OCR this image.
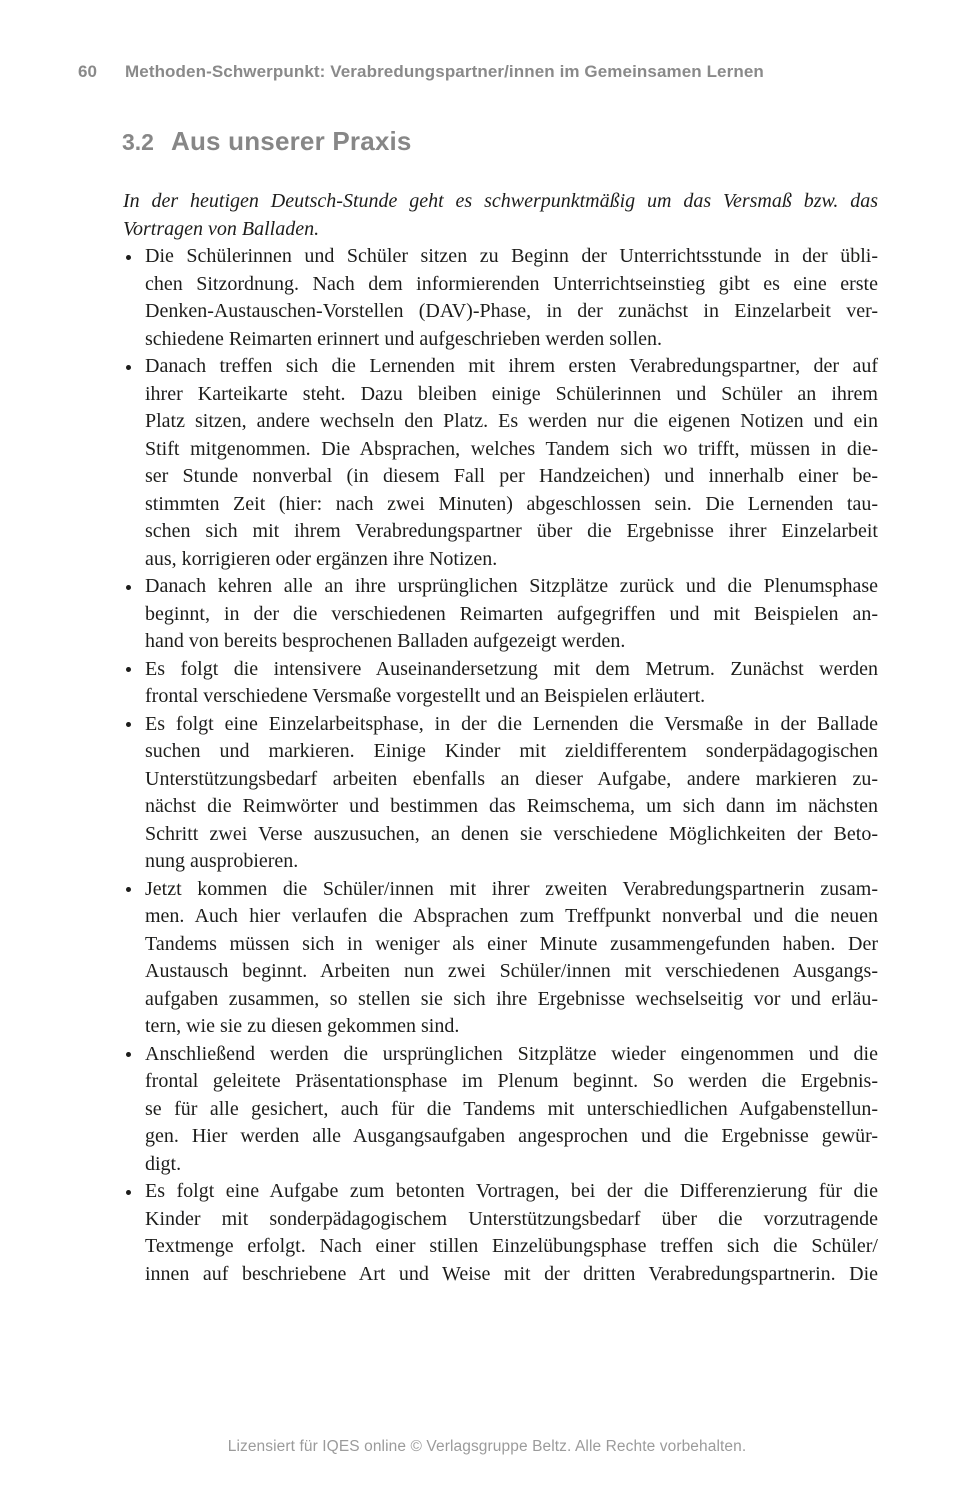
60	Methoden-Schwerpunkt: Verabredungspartner/innen im Gemeinsamen Lernen
3.2 Aus unserer Praxis

In der heutigen Deutsch-Stunde geht es schwerpunktmäßig um das Versmaß bzw. das
Vortragen von Balladen.

Die Schülerinnen und Schüler sitzen zu Beginn der Unterrichtsstunde in der übli-
chen Sitzordnung. Nach dem informierenden Unterrichtseinstieg gibt es eine erste
Denken-Austauschen-Vorstellen (DAV)-Phase, in der zunächst in Einzelarbeit ver-
schiedene Reimarten erinnert und aufgeschrieben werden sollen.
Danach treffen sich die Lernenden mit ihrem ersten Verabredungspartner, der auf
ihrer Karteikarte steht. Dazu bleiben einige Schülerinnen und Schüler an ihrem
Platz sitzen, andere wechseln den Platz. Es werden nur die eigenen Notizen und ein
Stift mitgenommen. Die Absprachen, welches Tandem sich wo trifft, müssen in die-
ser Stunde nonverbal (in diesem Fall per Handzeichen) und innerhalb einer be-
stimmten Zeit (hier: nach zwei Minuten) abgeschlossen sein. Die Lernenden tau-
schen sich mit ihrem Verabredungspartner über die Ergebnisse ihrer Einzelarbeit
aus, korrigieren oder ergänzen ihre Notizen.
Danach kehren alle an ihre ursprünglichen Sitzplätze zurück und die Plenumsphase
beginnt, in der die verschiedenen Reimarten aufgegriffen und mit Beispielen an-
hand von bereits besprochenen Balladen aufgezeigt werden.
Es folgt die intensivere Auseinandersetzung mit dem Metrum. Zunächst werden
frontal verschiedene Versmaße vorgestellt und an Beispielen erläutert.
Es folgt eine Einzelarbeitsphase, in der die Lernenden die Versmaße in der Ballade
suchen und markieren. Einige Kinder mit zieldifferentem sonderpädagogischen
Unterstützungsbedarf arbeiten ebenfalls an dieser Aufgabe, andere markieren zu-
nächst die Reimwörter und bestimmen das Reimschema, um sich dann im nächsten
Schritt zwei Verse auszusuchen, an denen sie verschiedene Möglichkeiten der Beto-
nung ausprobieren.
Jetzt kommen die Schüler/innen mit ihrer zweiten Verabredungspartnerin zusam-
men. Auch hier verlaufen die Absprachen zum Treffpunkt nonverbal und die neuen
Tandems müssen sich in weniger als einer Minute zusammengefunden haben. Der
Austausch beginnt. Arbeiten nun zwei Schüler/innen mit verschiedenen Ausgangs-
aufgaben zusammen, so stellen sie sich ihre Ergebnisse wechselseitig vor und erläu-
tern, wie sie zu diesen gekommen sind.
Anschließend werden die ursprünglichen Sitzplätze wieder eingenommen und die
frontal geleitete Präsentationsphase im Plenum beginnt. So werden die Ergebnis-
se für alle gesichert, auch für die Tandems mit unterschiedlichen Aufgabenstellun-
gen. Hier werden alle Ausgangsaufgaben angesprochen und die Ergebnisse gewür-
digt.
Es folgt eine Aufgabe zum betonten Vortragen, bei der die Differenzierung für die
Kinder mit sonderpädagogischem Unterstützungsbedarf über die vorzutragende
Textmenge erfolgt. Nach einer stillen Einzelübungsphase treffen sich die Schüler/
innen auf beschriebene Art und Weise mit der dritten Verabredungspartnerin. Die
Lizensiert für IQES online © Verlagsgruppe Beltz. Alle Rechte vorbehalten.
